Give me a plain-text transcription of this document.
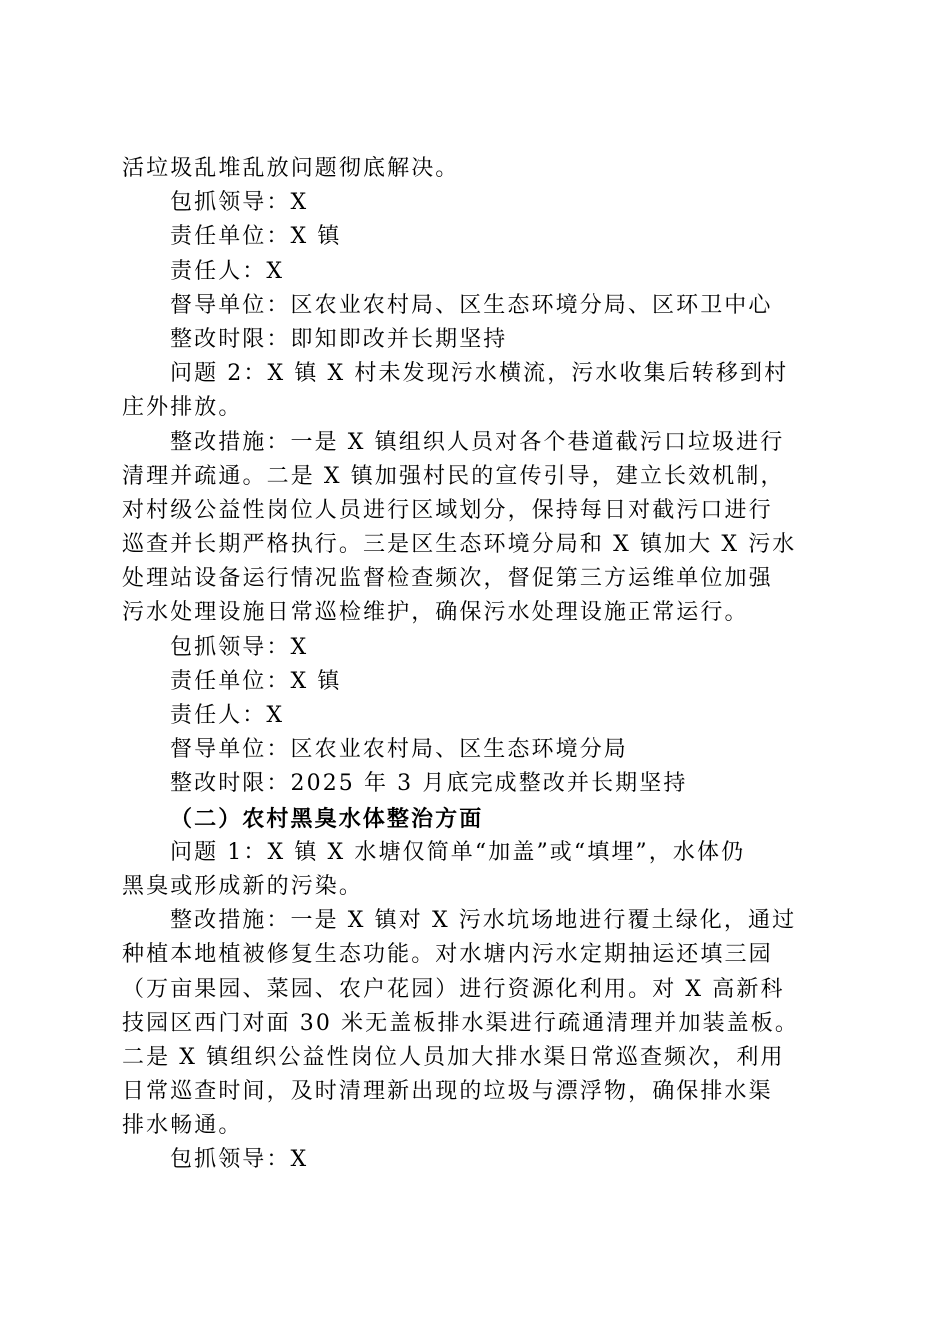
活垃圾乱堆乱放问题彻底解决。
包抓领导：X
责任单位：X 镇
责任人：X
督导单位：区农业农村局、区生态环境分局、区环卫中心
整改时限：即知即改并长期坚持
问题 2：X 镇 X 村未发现污水横流，污水收集后转移到村
庄外排放。
整改措施：一是 X 镇组织人员对各个巷道截污口垃圾进行
清理并疏通。二是 X 镇加强村民的宣传引导，建立长效机制，
对村级公益性岗位人员进行区域划分，保持每日对截污口进行
巡查并长期严格执行。三是区生态环境分局和 X 镇加大 X 污水
处理站设备运行情况监督检查频次，督促第三方运维单位加强
污水处理设施日常巡检维护，确保污水处理设施正常运行。
包抓领导：X
责任单位：X 镇
责任人：X
督导单位：区农业农村局、区生态环境分局
整改时限：2025 年 3 月底完成整改并长期坚持
（二）农村黑臭水体整治方面
问题 1：X 镇 X 水塘仅简单“加盖”或“填埋”，水体仍
黑臭或形成新的污染。
整改措施：一是 X 镇对 X 污水坑场地进行覆土绿化，通过
种植本地植被修复生态功能。对水塘内污水定期抽运还填三园
（万亩果园、菜园、农户花园）进行资源化利用。对 X 高新科
技园区西门对面 30 米无盖板排水渠进行疏通清理并加装盖板。
二是 X 镇组织公益性岗位人员加大排水渠日常巡查频次，利用
日常巡查时间，及时清理新出现的垃圾与漂浮物，确保排水渠
排水畅通。
包抓领导：X
